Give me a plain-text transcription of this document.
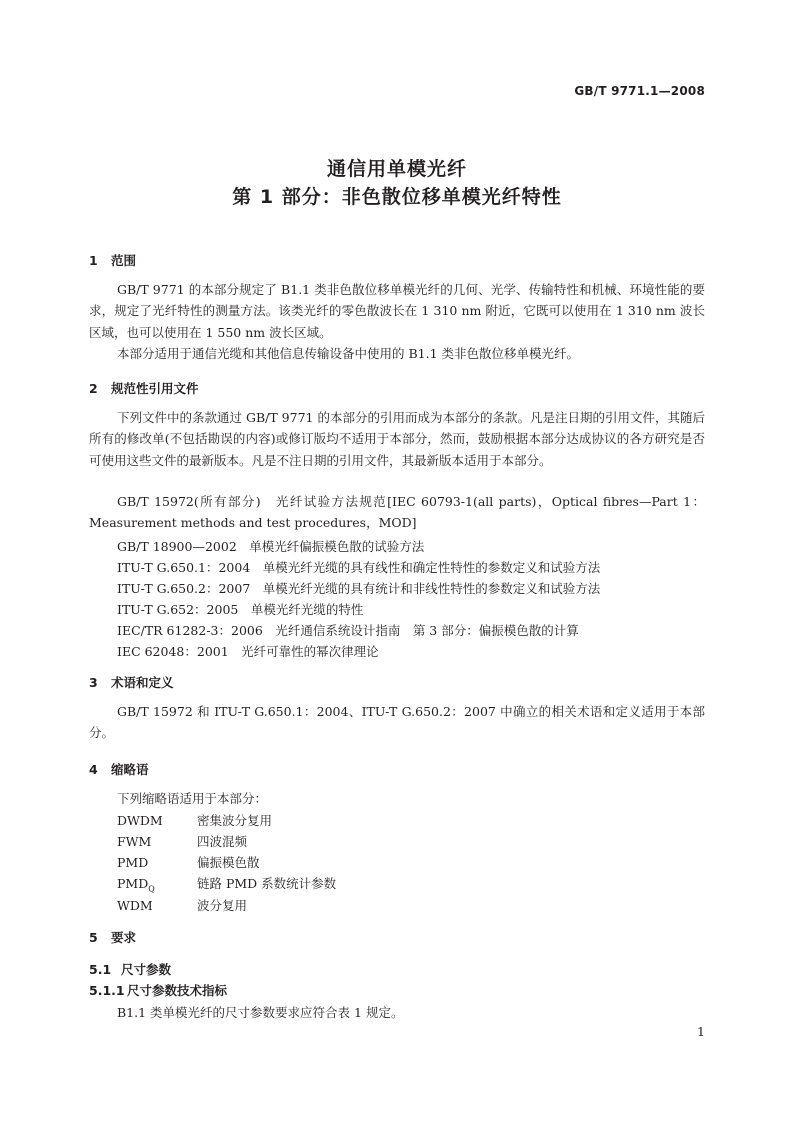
GB/T 9771.1—2008
通信用单模光纤
第 1 部分：非色散位移单模光纤特性
1 范围

GB/T 9771 的本部分规定了 B1.1 类非色散位移单模光纤的几何、光学、传输特性和机械、环境性能的要求，规定了光纤特性的测量方法。该类光纤的零色散波长在 1 310 nm 附近，它既可以使用在 1 310 nm 波长区域，也可以使用在 1 550 nm 波长区域。

本部分适用于通信光缆和其他信息传输设备中使用的 B1.1 类非色散位移单模光纤。

2 规范性引用文件

下列文件中的条款通过 GB/T 9771 的本部分的引用而成为本部分的条款。凡是注日期的引用文件，其随后所有的修改单(不包括勘误的内容)或修订版均不适用于本部分，然而，鼓励根据本部分达成协议的各方研究是否可使用这些文件的最新版本。凡是不注日期的引用文件，其最新版本适用于本部分。

GB/T 15972(所有部分)　光纤试验方法规范[IEC 60793-1(all parts)，Optical fibres—Part 1：Measurement methods and test procedures，MOD]

GB/T 18900—2002　单模光纤偏振模色散的试验方法
ITU-T G.650.1：2004　单模光纤光缆的具有线性和确定性特性的参数定义和试验方法
ITU-T G.650.2：2007　单模光纤光缆的具有统计和非线性特性的参数定义和试验方法
ITU-T G.652：2005　单模光纤光缆的特性
IEC/TR 61282-3：2006　光纤通信系统设计指南　第 3 部分：偏振模色散的计算
IEC 62048：2001　光纤可靠性的幂次律理论
3 术语和定义

GB/T 15972 和 ITU-T G.650.1：2004、ITU-T G.650.2：2007 中确立的相关术语和定义适用于本部分。

4 缩略语
下列缩略语适用于本部分：
DWDM	密集波分复用
FWM	四波混频
PMD	偏振模色散
$PMD_Q$	链路 PMD 系数统计参数
WDM	波分复用
5 要求
5.1 尺寸参数
5.1.1 尺寸参数技术指标
B1.1 类单模光纤的尺寸参数要求应符合表 1 规定。
1
